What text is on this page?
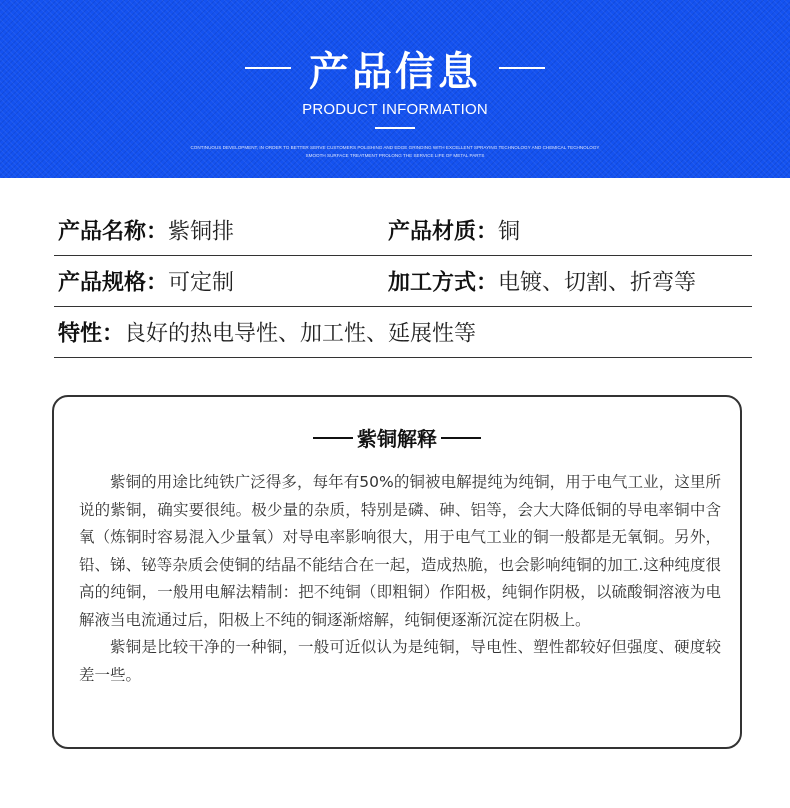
产品信息
PRODUCT INFORMATION
CONTINUOUS DEVELOPMENT, IN ORDER TO BETTER SERVE CUSTOMERS POLISHING AND EDGE GRINDING WITH EXCELLENT SPRAYING TECHNOLOGY AND CHEMICAL TECHNOLOGY
SMOOTH SURFACE TREATMENT PROLONG THE SERVICE LIFE OF METAL PARTS
产品名称：紫铜排	产品材质：铜
产品规格：可定制	加工方式：电镀、切割、折弯等
特性：良好的热电导性、加工性、延展性等
紫铜解释

紫铜的用途比纯铁广泛得多，每年有50%的铜被电解提纯为纯铜，用于电气工业，这里所说的紫铜，确实要很纯。极少量的杂质，特别是磷、砷、铝等，会大大降低铜的导电率铜中含氧（炼铜时容易混入少量氧）对导电率影响很大，用于电气工业的铜一般都是无氧铜。另外，铅、锑、铋等杂质会使铜的结晶不能结合在一起，造成热脆，也会影响纯铜的加工.这种纯度很高的纯铜，一般用电解法精制：把不纯铜（即粗铜）作阳极，纯铜作阴极，以硫酸铜溶液为电解液当电流通过后，阳极上不纯的铜逐渐熔解，纯铜便逐渐沉淀在阴极上。

紫铜是比较干净的一种铜，一般可近似认为是纯铜，导电性、塑性都较好但强度、硬度较差一些。
